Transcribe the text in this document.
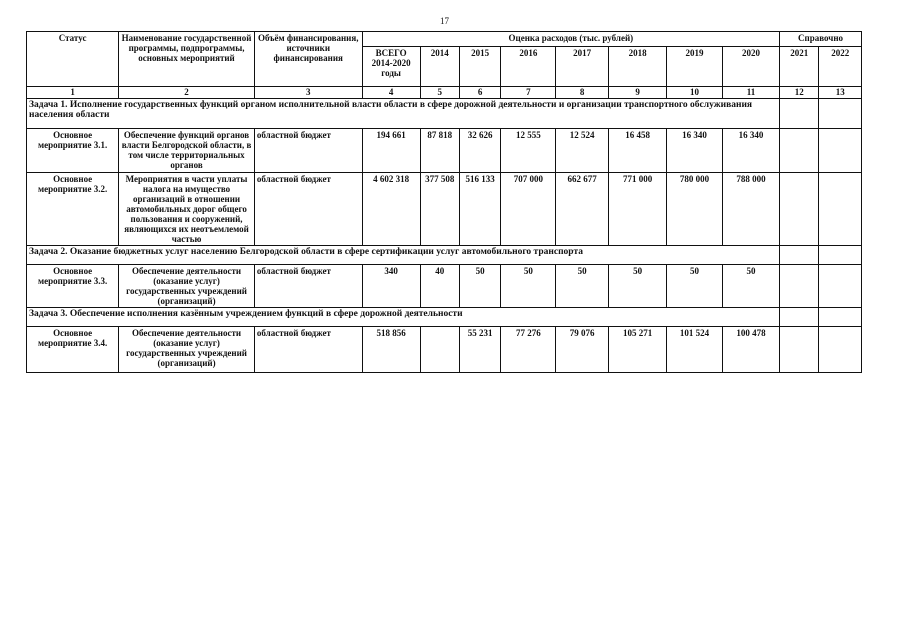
17
Статус	Наименование государственной программы, подпрограммы, основных мероприятий	Объём финансирования, источники финансирования	Оценка расходов (тыс. рублей)								Справочно	
			ВСЕГО 2014-2020 годы	2014	2015	2016	2017	2018	2019	2020	2021	2022
1	2	3	4	5	6	7	8	9	10	11	12	13
Задача 1. Исполнение государственных функций органом исполнительной власти области в сфере дорожной деятельности и организации транспортного обслуживания населения области												
Основное мероприятие 3.1.	Обеспечение функций органов власти Белгородской области, в том числе территориальных органов	областной бюджет	194 661	87 818	32 626	12 555	12 524	16 458	16 340	16 340		
Основное мероприятие 3.2.	Мероприятия в части уплаты налога на имущество организаций в отношении автомобильных дорог общего пользования и сооружений, являющихся их неотъемлемой частью	областной бюджет	4 602 318	377 508	516 133	707 000	662 677	771 000	780 000	788 000		
Задача 2. Оказание бюджетных услуг населению Белгородской области в сфере сертификации услуг автомобильного транспорта												
Основное мероприятие 3.3.	Обеспечение деятельности (оказание услуг) государственных учреждений (организаций)	областной бюджет	340	40	50	50	50	50	50	50		
Задача 3. Обеспечение исполнения казённым учреждением функций в сфере дорожной деятельности												
Основное мероприятие 3.4.	Обеспечение деятельности (оказание услуг) государственных учреждений (организаций)	областной бюджет	518 856		55 231	77 276	79 076	105 271	101 524	100 478		
